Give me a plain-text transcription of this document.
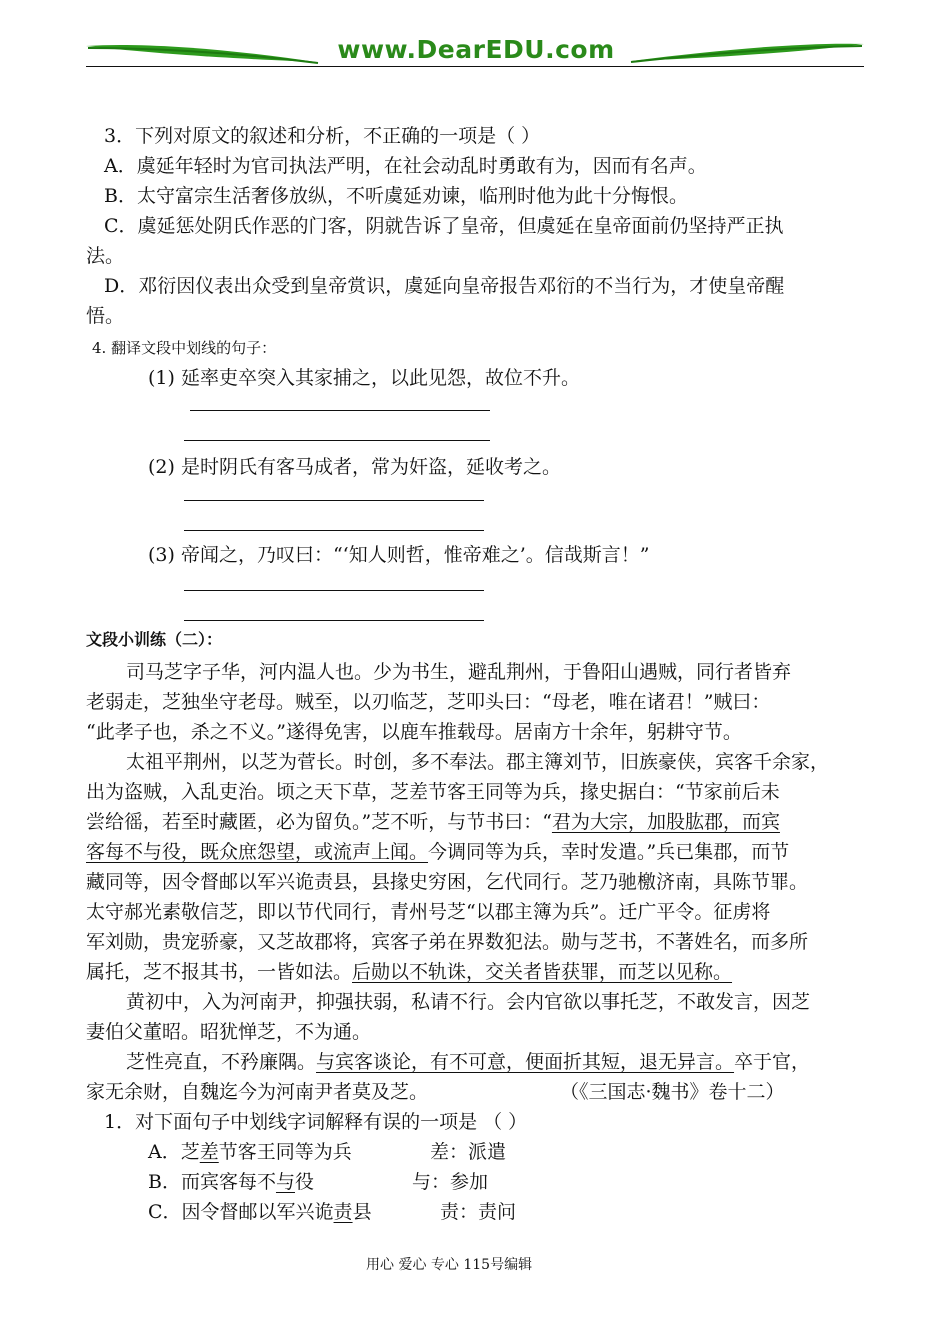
www.DearEDU.com
3．下列对原文的叙述和分析，不正确的一项是（ ）
A．虞延年轻时为官司执法严明，在社会动乱时勇敢有为，因而有名声。
B．太守富宗生活奢侈放纵，不听虞延劝谏，临刑时他为此十分悔恨。
C．虞延惩处阴氏作恶的门客，阴就告诉了皇帝，但虞延在皇帝面前仍坚持严正执
法。
D．邓衍因仪表出众受到皇帝赏识，虞延向皇帝报告邓衍的不当行为，才使皇帝醒
悟。
4. 翻译文段中划线的句子：
(1) 延率吏卒突入其家捕之，以此见怨，故位不升。
(2) 是时阴氏有客马成者，常为奸盗，延收考之。
(3) 帝闻之，乃叹曰：“‘知人则哲，惟帝难之’。信哉斯言！”
文段小训练（二）：
司马芝字子华，河内温人也。少为书生，避乱荆州，于鲁阳山遇贼，同行者皆弃
老弱走，芝独坐守老母。贼至，以刃临芝，芝叩头曰：“母老，唯在诸君！”贼曰：
“此孝子也，杀之不义。”遂得免害，以鹿车推载母。居南方十余年，躬耕守节。
太祖平荆州，以芝为菅长。时创，多不奉法。郡主簿刘节，旧族豪侠，宾客千余家，
出为盗贼，入乱吏治。顷之天下草，芝差节客王同等为兵，掾史据白：“节家前后未
尝给徭，若至时藏匿，必为留负。”芝不听，与节书曰：“君为大宗，加股肱郡，而宾
客每不与役，既众庶怨望，或流声上闻。今调同等为兵，幸时发遣。”兵已集郡，而节
藏同等，因令督邮以军兴诡责县，县掾史穷困，乞代同行。芝乃驰檄济南，具陈节罪。
太守郝光素敬信芝，即以节代同行，青州号芝“以郡主簿为兵”。迁广平令。征虏将
军刘勋，贵宠骄豪，又芝故郡将，宾客子弟在界数犯法。勋与芝书，不著姓名，而多所
属托，芝不报其书，一皆如法。后勋以不轨诛，交关者皆获罪，而芝以见称。
黄初中，入为河南尹，抑强扶弱，私请不行。会内官欲以事托芝，不敢发言，因芝
妻伯父董昭。昭犹惮芝，不为通。
芝性亮直，不矜廉隅。与宾客谈论，有不可意，便面折其短，退无异言。卒于官，
家无余财，自魏迄今为河南尹者莫及芝。	（《三国志·魏书》卷十二）
1．对下面句子中划线字词解释有误的一项是 （ ）
A．芝差节客王同等为兵	差：派遣
B．而宾客每不与役	与：参加
C．因令督邮以军兴诡责县	责：责问
用心 爱心 专心 115号编辑
